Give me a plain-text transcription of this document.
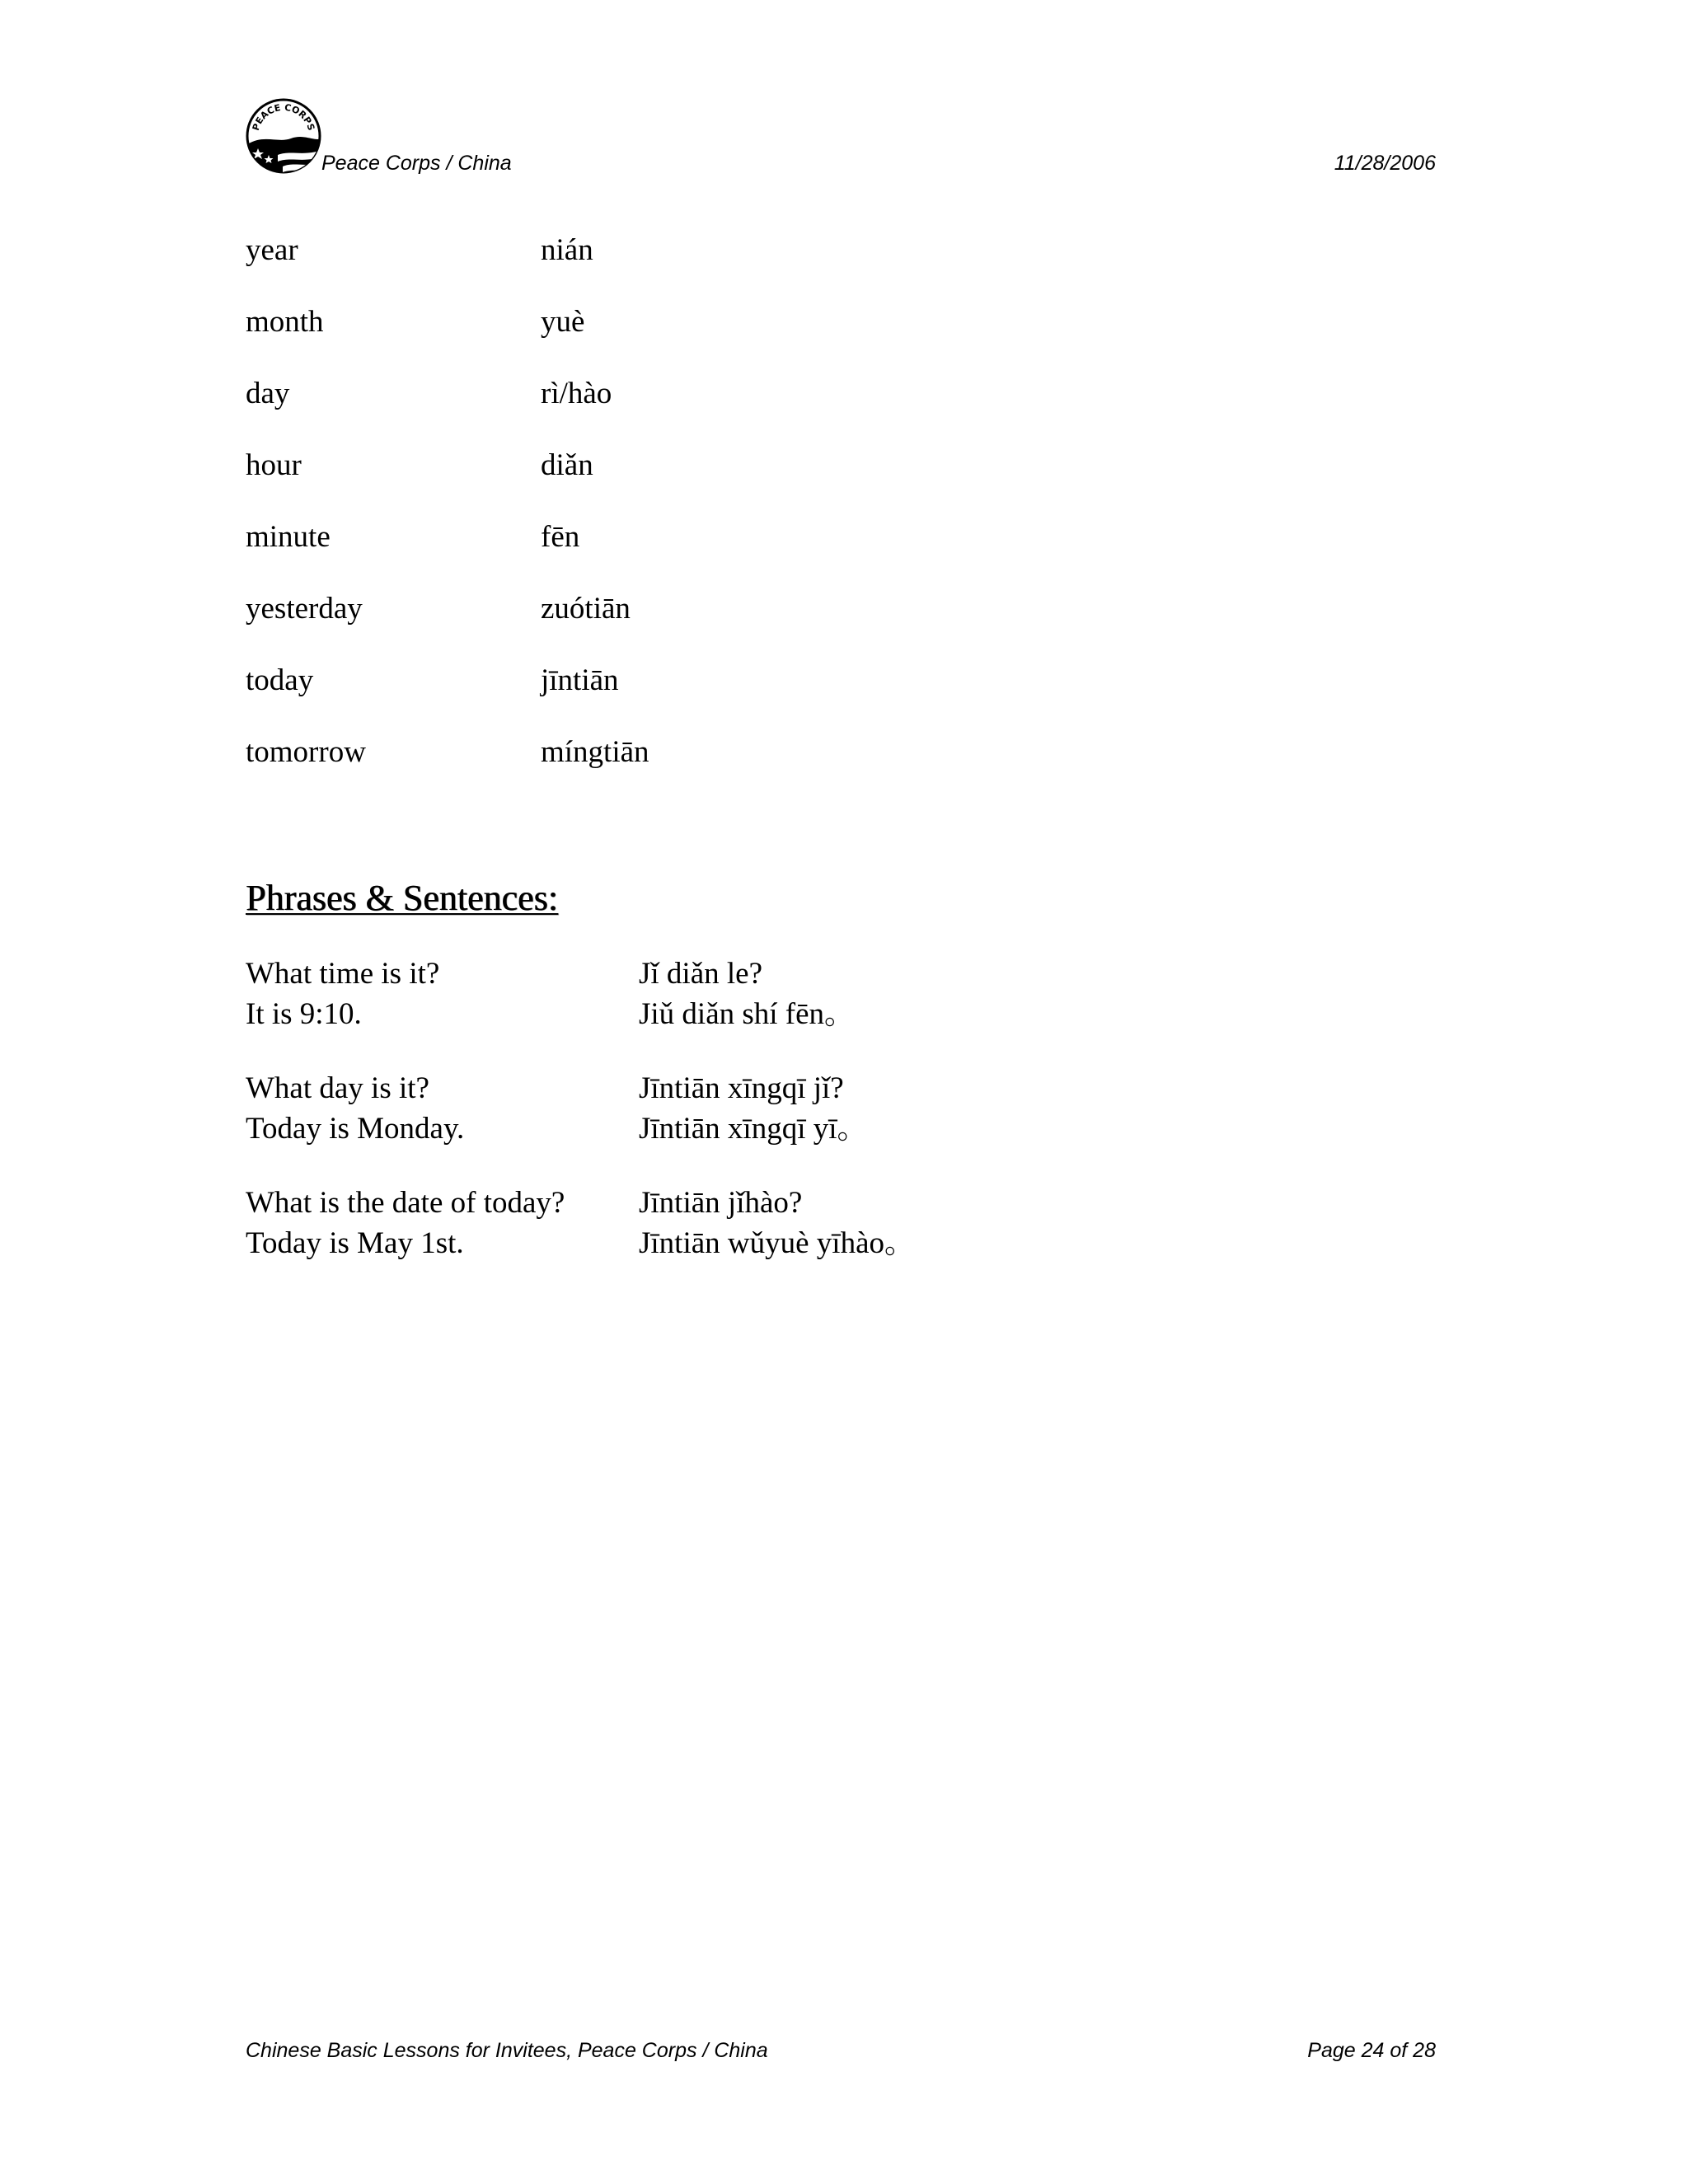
PEACE CORPS
Peace Corps / China	11/28/2006
year	nián
month	yuè
day	rì/hào
hour	diǎn
minute	fēn
yesterday	zuótiān
today	jīntiān
tomorrow	míngtiān
Phrases & Sentences:
What time is it?	Jǐ diǎn le?
It is 9:10.	Jiǔ diǎn shí fēn。
What day is it?	Jīntiān xīngqī jǐ?
Today is Monday.	Jīntiān xīngqī yī。
What is the date of today? Jīntiān jǐhào?
Today is May 1st.	Jīntiān wǔyuè yīhào。
Chinese Basic Lessons for Invitees, Peace Corps / China	Page 24 of 28
